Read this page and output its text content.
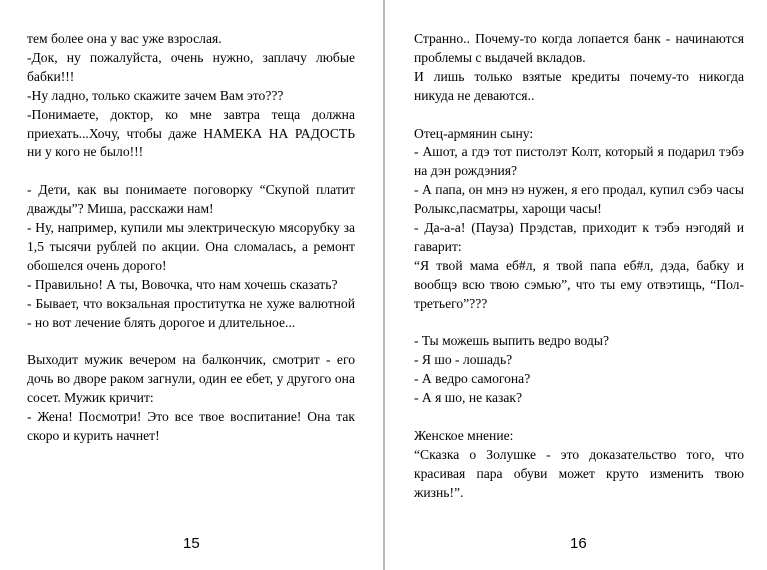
тем более она у вас уже взрослая.

-Док, ну пожалуйста, очень нужно, заплачу любые бабки!!!

-Ну ладно, только скажите зачем Вам это???

-Понимаете, доктор, ко мне завтра теща должна приехать...Хочу, чтобы даже НАМЕКА НА РАДОСТЬ ни у кого не было!!!

- Дети, как вы понимаете поговорку “Скупой платит дважды”? Миша, расскажи нам!

- Ну, например, купили мы электрическую мясорубку за 1,5 тысячи рублей по акции. Она сломалась, а ремонт обошелся очень дорого!

- Правильно! А ты, Вовочка, что нам хочешь сказать?

- Бывает, что вокзальная проститутка не хуже валютной - но вот лечение блять дорогое и длительное...

Выходит мужик вечером на балкончик, смотрит - его дочь во дворе раком загнули, один ее ебет, у другого она сосет. Мужик кричит:

- Жена! Посмотри! Это все твое воспитание! Она так скоро и курить начнет!

15

Странно.. Почему-то когда лопается банк - начинаются проблемы с выдачей вкладов.

И лишь только взятые кредиты почему-то никогда никуда не деваются..

Отец-армянин сыну:

- Ашот, а гдэ тот пистолэт Колт, который я подарил тэбэ на дэн рождэния?

- А папа, он мнэ нэ нужен, я его продал, купил сэбэ часы Ролыкс,пасматры, харощи часы!

- Да-а-а! (Пауза) Прэдстав, приходит к тэбэ нэгодяй и гаварит:

“Я твой мама еб#л, я твой папа еб#л, дэда, бабку и вообщэ всю твою сэмью”, что ты ему отвэтищь, “Пол-третьего”???

- Ты можешь выпить ведро воды?

- Я шо - лошадь?

- А ведро самогона?

- А я шо, не казак?

Женское мнение:

“Сказка о Золушке - это доказательство того, что красивая пара обуви может круто изменить твою жизнь!”.

16
